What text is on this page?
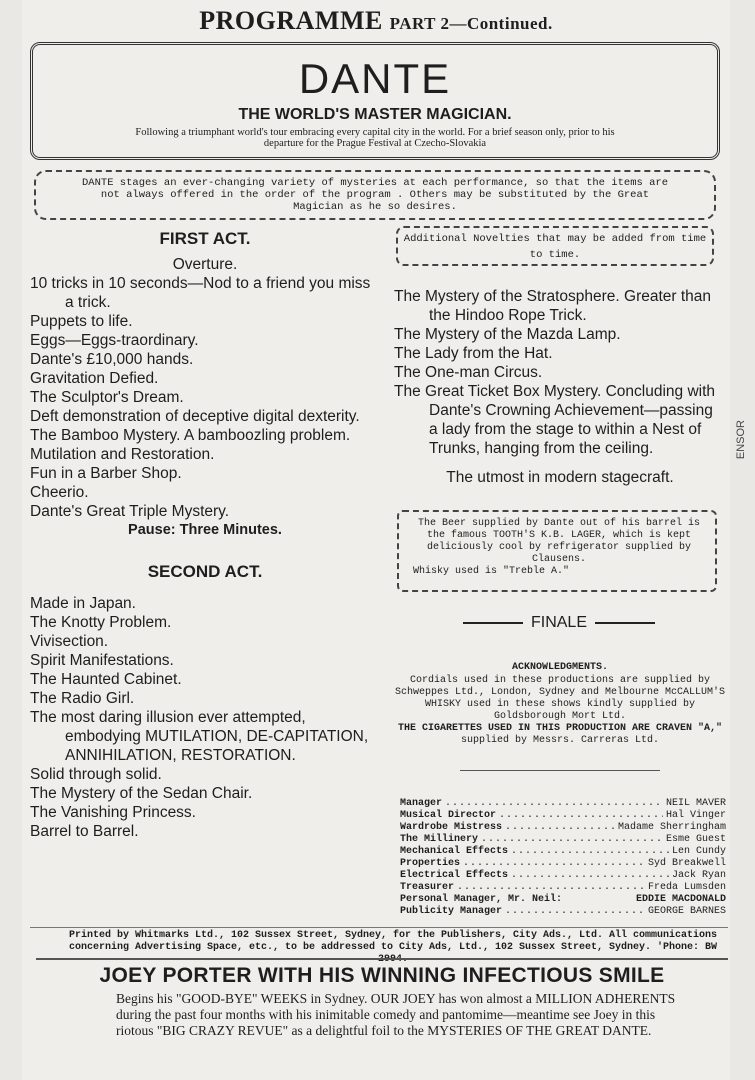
PROGRAMME PART 2—Continued.
DANTE
THE WORLD'S MASTER MAGICIAN.
Following a triumphant world's tour embracing every capital city in the world. For a brief season only, prior to his departure for the Prague Festival at Czecho-Slovakia
DANTE stages an ever-changing variety of mysteries at each performance, so that the items are not always offered in the order of the program . Others may be substituted by the Great Magician as he so desires.
FIRST ACT.
Overture.
10 tricks in 10 seconds—Nod to a friend you miss a trick.
Puppets to life.
Eggs—Eggs-traordinary.
Dante's £10,000 hands.
Gravitation Defied.
The Sculptor's Dream.
Deft demonstration of deceptive digital dexterity.
The Bamboo Mystery. A bamboozling problem.
Mutilation and Restoration.
Fun in a Barber Shop.
Cheerio.
Dante's Great Triple Mystery.
Pause: Three Minutes.
SECOND ACT.
Made in Japan.
The Knotty Problem.
Vivisection.
Spirit Manifestations.
The Haunted Cabinet.
The Radio Girl.
The most daring illusion ever attempted, embodying MUTILATION, DE-CAPITATION, ANNIHILATION, RESTORATION.
Solid through solid.
The Mystery of the Sedan Chair.
The Vanishing Princess.
Barrel to Barrel.
Additional Novelties that may be added from time to time.
The Mystery of the Stratosphere. Greater than the Hindoo Rope Trick.
The Mystery of the Mazda Lamp.
The Lady from the Hat.
The One-man Circus.
The Great Ticket Box Mystery. Concluding with Dante's Crowning Achievement—passing a lady from the stage to within a Nest of Trunks, hanging from the ceiling.
The utmost in modern stagecraft.
The Beer supplied by Dante out of his barrel is the famous TOOTH'S K.B. LAGER, which is kept deliciously cool by refrigerator supplied by Clausens.
Whisky used is "Treble A."
FINALE
ACKNOWLEDGMENTS.
Cordials used in these productions are supplied by Schweppes Ltd., London, Sydney and Melbourne McCALLUM'S WHISKY used in these shows kindly supplied by Goldsborough Mort Ltd.
THE CIGARETTES USED IN THIS PRODUCTION ARE CRAVEN "A,"
supplied by Messrs. Carreras Ltd.
Manager .....	NEIL MAVER
Musical Director .....	Hal Vinger
Wardrobe Mistress .....	Madame Sherringham
The Millinery .....	Esme Guest
Mechanical Effects .....	Len Cundy
Properties .....	Syd Breakwell
Electrical Effects .....	Jack Ryan
Treasurer .....	Freda Lumsden
Personal Manager, Mr. Neil:	EDDIE MACDONALD
Publicity Manager .....	GEORGE BARNES
Printed by Whitmarks Ltd., 102 Sussex Street, Sydney, for the Publishers, City Ads., Ltd. All communications concerning Advertising Space, etc., to be addressed to City Ads, Ltd., 102 Sussex Street, Sydney. 'Phone: BW 2994.
JOEY PORTER WITH HIS WINNING INFECTIOUS SMILE
Begins his "GOOD-BYE" WEEKS in Sydney. OUR JOEY has won almost a MILLION ADHERENTS during the past four months with his inimitable comedy and pantomime—meantime see Joey in this riotous "BIG CRAZY REVUE" as a delightful foil to the MYSTERIES OF THE GREAT DANTE.
ENSOR
